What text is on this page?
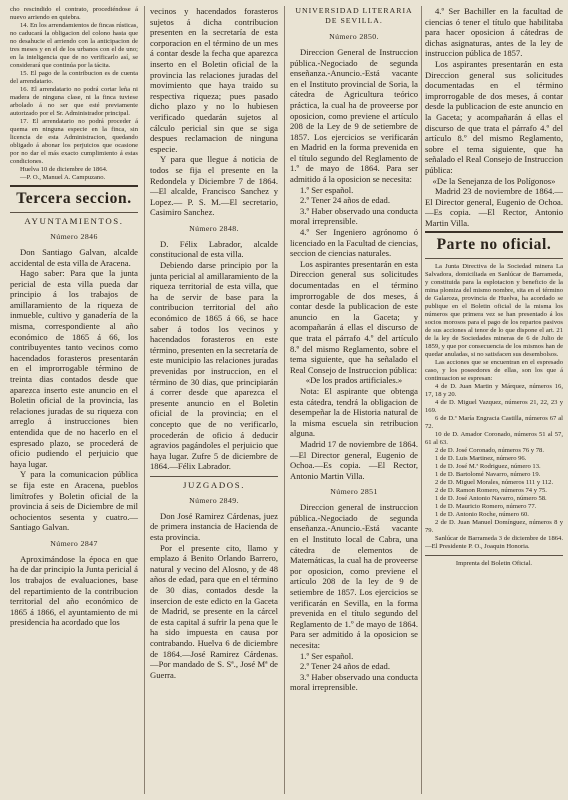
cho rescindido el contrato, procediéndose á nuevo arriendo en quiebra.

14. En los arrendamientos de fincas rústicas, no caducará la obligacion del colono hasta que no desahucie el arriendo con la anticipacion de tres meses y en el de los urbanos con el de uno; en la inteligencia que de no verificarlo así, se considerará que continúa por la tácita.

15. El pago de la contribucion es de cuenta del arrendatario.

16. El arrendatario no podrá cortar leña ni madera de ninguna clase, ni la finca tuviese arbolado á no ser que esté previamente autorizado por el Sr. Administrador principal.

17. El arrendatario no podrá proceder á quema en ninguna especie en la finca, sin licencia de esta Administracion, quedando obligado á abonar los perjuicios que ocasione por no dar el más exacto cumplimiento á estas condiciones.

Huelva 10 de diciembre de 1864.

—P. O., Manuel A. Campuzano.

Tercera seccion.
AYUNTAMIENTOS.
Número 2846

Don Santiago Galvan, alcalde accidental de esta villa de Aracena.

Hago saber: Para que la junta pericial de esta villa pueda dar principio á los trabajos de amillaramiento de la riqueza de inmueble, cultivo y ganadería de la misma, correspondiente al año económico de 1865 á 66, los contribuyentes tanto vecinos como hacendados forasteros presentarán en el improrrogable término de treinta dias contados desde que aparezca inserto este anuncio en el Boletin oficial de la provincia, las relaciones juradas de su riqueza con arreglo á instrucciones bien entendida que de no hacerlo en el espresado plazo, se procederá de oficio pudiendo el perjuicio que haya lugar.

Y para la comunicacion pública se fija este en Aracena, pueblos limítrofes y Boletin oficial de la provincia á seis de Diciembre de mil ochocientos sesenta y cuatro.— Santiago Galvan.

Número 2847

Aproximándose la época en que ha de dar principio la Junta pericial á los trabajos de evaluaciones, base del repartimiento de la contribucion territorial del año económico de 1865 á 1866, el ayuntamiento de mi presidencia ha acordado que los

vecinos y hacendados forasteros sujetos á dicha contribucion presenten en la secretaría de esta corporacion en el término de un mes á contar desde la fecha que aparezca inserto en el Boletin oficial de la provincia las relaciones juradas del movimiento que haya traido su respectiva riqueza; pues pasado dicho plazo y no lo hubiesen verificado quedarán sujetos al cálculo pericial sin que se siga despues reclamacion de ninguna especie.

Y para que llegue á noticia de todos se fija el presente en la Redondela y Diciembre 7 de 1864.—El alcalde, Francisco Sanchez y Lopez.— P. S. M.—El secretario, Casimiro Sanchez.

Número 2848.

D. Félix Labrador, alcalde constitucional de esta villa.

Debiendo darse principio por la junta pericial al amillaramiento de la riqueza territorial de esta villa, que ha de servir de base para la contribucion territorial del año económico de 1865 á 66, se hace saber á todos los vecinos y hacendados forasteros en este término, presenten en la secretaría de este municipio las relaciones juradas prevenidas por instruccion, en el término de 30 dias, que principiarán á correr desde que aparezca el presente anuncio en el Boletin oficial de la provincia; en el concepto que de no verificarlo, procederán de oficio á deducir agravios pagándoles el perjuicio que haya lugar. Zufre 5 de diciembre de 1864.—Félix Labrador.

JUZGADOS.
Número 2849.

Don José Ramirez Cárdenas, juez de primera instancia de Hacienda de esta provincia.

Por el presente cito, llamo y emplazo á Benito Orlando Barrero, natural y vecino del Alosno, y de 48 años de edad, para que en el término de 30 dias, contados desde la insercion de este edicto en la Gaceta de Madrid, se presente en la cárcel de esta capital á sufrir la pena que le ha sido impuesta en causa por contrabando. Huelva 6 de diciembre de 1864.—José Ramirez Cárdenas.—Por mandado de S. Sª., José Mª de Guerra.

UNIVERSIDAD LITERARIA
DE SEVILLA.
Número 2850.

Direccion General de Instruccion pública.-Negociado de segunda enseñanza.-Anuncio.-Está vacante en el Instituto provincial de Soria, la cátedra de Agricultura teórico práctica, la cual ha de proveerse por oposicion, como previene el artículo 208 de la Ley de 9 de setiembre de 1857. Los ejercicios se verificarán en Madrid en la forma prevenida en el título segundo del Reglamento de 1.º de mayo de 1864. Para ser admitido á la oposicion se necesita:

1.º Ser español.

2.º Tener 24 años de edad.

3.º Haber observado una conducta moral irreprensible.

4.º Ser Ingeniero agrónomo ó licenciado en la Facultad de ciencias, seccion de ciencias naturales.

Los aspirantes presentarán en esta Direccion general sus solicitudes documentadas en el término improrrogable de dos meses, á contar desde la publicacion de este anuncio en la Gaceta; y acompañarán á ellas el discurso de que trata el párrafo 4.º del artículo 8.º del mismo Reglamento, sobre el tema siguiente, que ha señalado el Real Consejo de Instruccion pública:

«De los prados artificiales.»

Nota: El aspirante que obtenga esta cátedra, tendrá la obligacion de desempeñar la de Historia natural de la misma escuela sin retribucion alguna.

Madrid 17 de noviembre de 1864.—El Director general, Eugenio de Ochoa.—Es copia. —El Rector, Antonio Martin Villa.

Número 2851

Direccion general de instruccion pública.-Negociado de segunda enseñanza.-Anuncio.-Está vacante en el Instituto local de Cabra, una cátedra de elementos de Matemáticas, la cual ha de proveerse por oposicion, como previene el artículo 208 de la ley de 9 de setiembre de 1857. Los ejercicios se verificarán en Sevilla, en la forma prevenida en el título segundo del Reglamento de 1.º de mayo de 1864. Para ser admitido á la oposicion se necesita:

1.º Ser español.

2.º Tener 24 años de edad.

3.º Haber observado una conducta moral irreprensible.

4.º Ser Bachiller en la facultad de ciencias ó tener el título que habilitaba para hacer oposicion á cátedras de dichas asignaturas, antes de la ley de instruccion pública de 1857.

Los aspirantes presentarán en esta Direccion general sus solicitudes documentadas en el término improrrogable de dos meses, á contar desde la publicacion de este anuncio en la Gaceta; y acompañarán á ellas el discurso de que trata el párrafo 4.º del artículo 8.º del mismo Reglamento, sobre el tema siguiente, que ha señalado el Real Consejo de Instruccion pública:

«De la Senejanza de los Polígonos»

Madrid 23 de noviembre de 1864.—El Director general, Eugenio de Ochoa.—Es copia. —El Rector, Antonio Martin Villa.

Parte no oficial.

La Junta Directiva de la Sociedad minera La Salvadora, domiciliada en Sanlúcar de Barrameda, y constituida para la esplotacion y beneficio de la mina plomiza del mismo nombre, sita en el término de Galaroza, provincia de Huelva, ha acordado se publique en el Boletin oficial de la misma los números que primera vez se han presentado á los socios morosos para el pago de los repartos pasivos de sus acciones al tenor de lo que dispone el art. 21 de la ley de Sociedades mineras de 6 de Julio de 1859, y que por consecuencia de los mismos han de quedar anuladas, si no satisfacen sus desembolsos.

Las acciones que se encuentran en el espresado caso, y los poseedores de ellas, son los que á continuacion se espresan:

4 de D. Juan Martin y Márquez, números 16, 17, 18 y 20.

4 de D. Miguel Vazquez, números 21, 22, 23 y 169.

6 de D.ª María Engracia Castilla, números 67 al 72.

10 de D. Amador Coronado, números 51 al 57, 61 al 63.

2 de D. José Coronado, números 76 y 78.

1 de D. Luis Martinez, número 96.

1 de D. José M.ª Rodriguez, número 13.

1 de D. Bartolomé Navarro, número 19.

2 de D. Miguel Morales, números 111 y 112.

2 de D. Ramon Romero, números 74 y 75.

1 de D. José Antonio Navarro, número 58.

1 de D. Mauricio Romero, número 77.

1 de D. Antonio Roche, número 60.

2 de D. Juan Manuel Domínguez, números 8 y 79.

Sanlúcar de Barrameda 3 de diciembre de 1864.—El Presidente P. O., Joaquin Honoria.

Imprenta del Boletin Oficial.
